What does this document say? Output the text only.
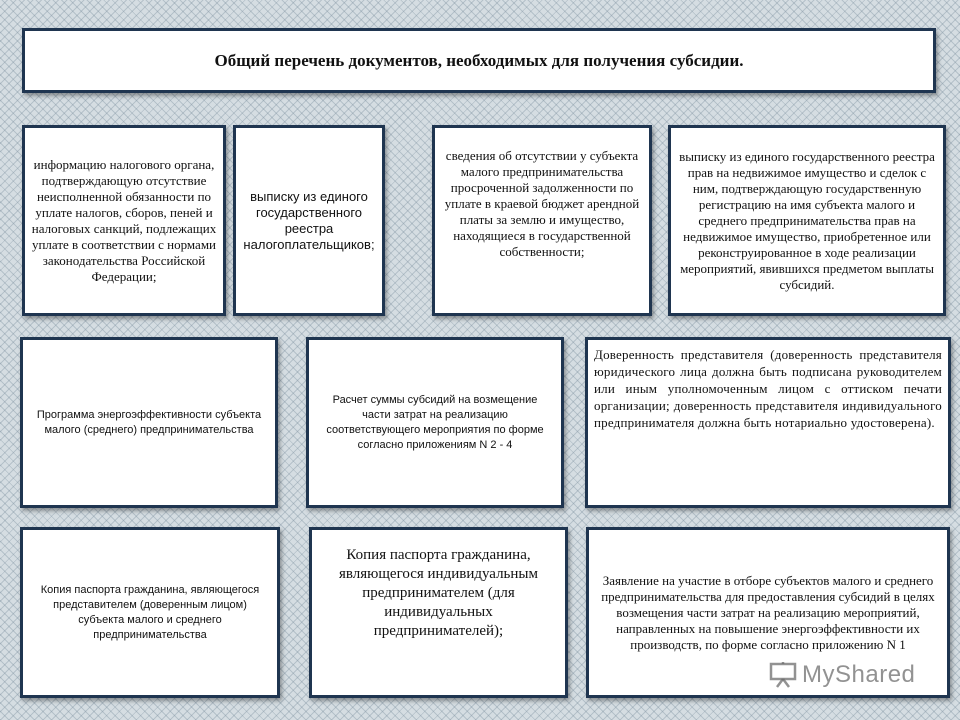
Общий перечень документов, необходимых для получения субсидии.
информацию налогового органа, подтверждающую отсутствие неисполненной обязанности по уплате налогов, сборов, пеней и налоговых санкций, подлежащих уплате в соответствии с нормами законодательства Российской Федерации;
выписку из единого государственного реестра налогоплательщиков;
сведения об отсутствии у субъекта малого предпринимательства просроченной задолженности по уплате в краевой бюджет арендной платы за землю и имущество, находящиеся в государственной собственности;
выписку из единого государственного реестра прав на недвижимое имущество и сделок с ним, подтверждающую государственную регистрацию на имя субъекта малого и среднего предпринимательства прав на недвижимое имущество, приобретенное или реконструированное в ходе реализации мероприятий, явившихся предметом выплаты субсидий.
Программа энергоэффективности субъекта малого (среднего) предпринимательства
Расчет суммы субсидий на возмещение части затрат на реализацию соответствующего мероприятия по форме согласно приложениям N 2 - 4
Доверенность представителя (доверенность представителя юридического лица должна быть подписана руководителем или иным уполномоченным лицом с оттиском печати организации; доверенность представителя индивидуального предпринимателя должна быть нотариально удостоверена).
Копия паспорта гражданина, являющегося представителем (доверенным лицом) субъекта малого и среднего предпринимательства
Копия паспорта гражданина, являющегося индивидуальным предпринимателем (для индивидуальных предпринимателей);
Заявление на участие в отборе субъектов малого и среднего предпринимательства для предоставления субсидий в целях возмещения части затрат на реализацию мероприятий, направленных на повышение энергоэффективности их производств, по форме согласно приложению N 1
MyShared
